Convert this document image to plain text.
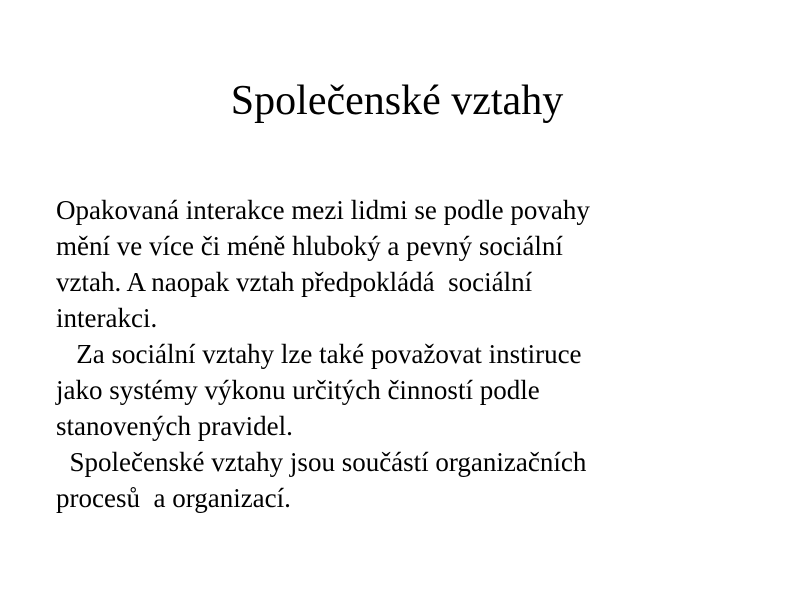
Společenské vztahy
Opakovaná interakce mezi lidmi se podle povahy
mění ve více či méně hluboký a pevný sociální
vztah. A naopak vztah předpokládá  sociální
interakci.
Za sociální vztahy lze také považovat instiruce
jako systémy výkonu určitých činností podle
stanovených pravidel.
Společenské vztahy jsou součástí organizačních
procesů  a organizací.
